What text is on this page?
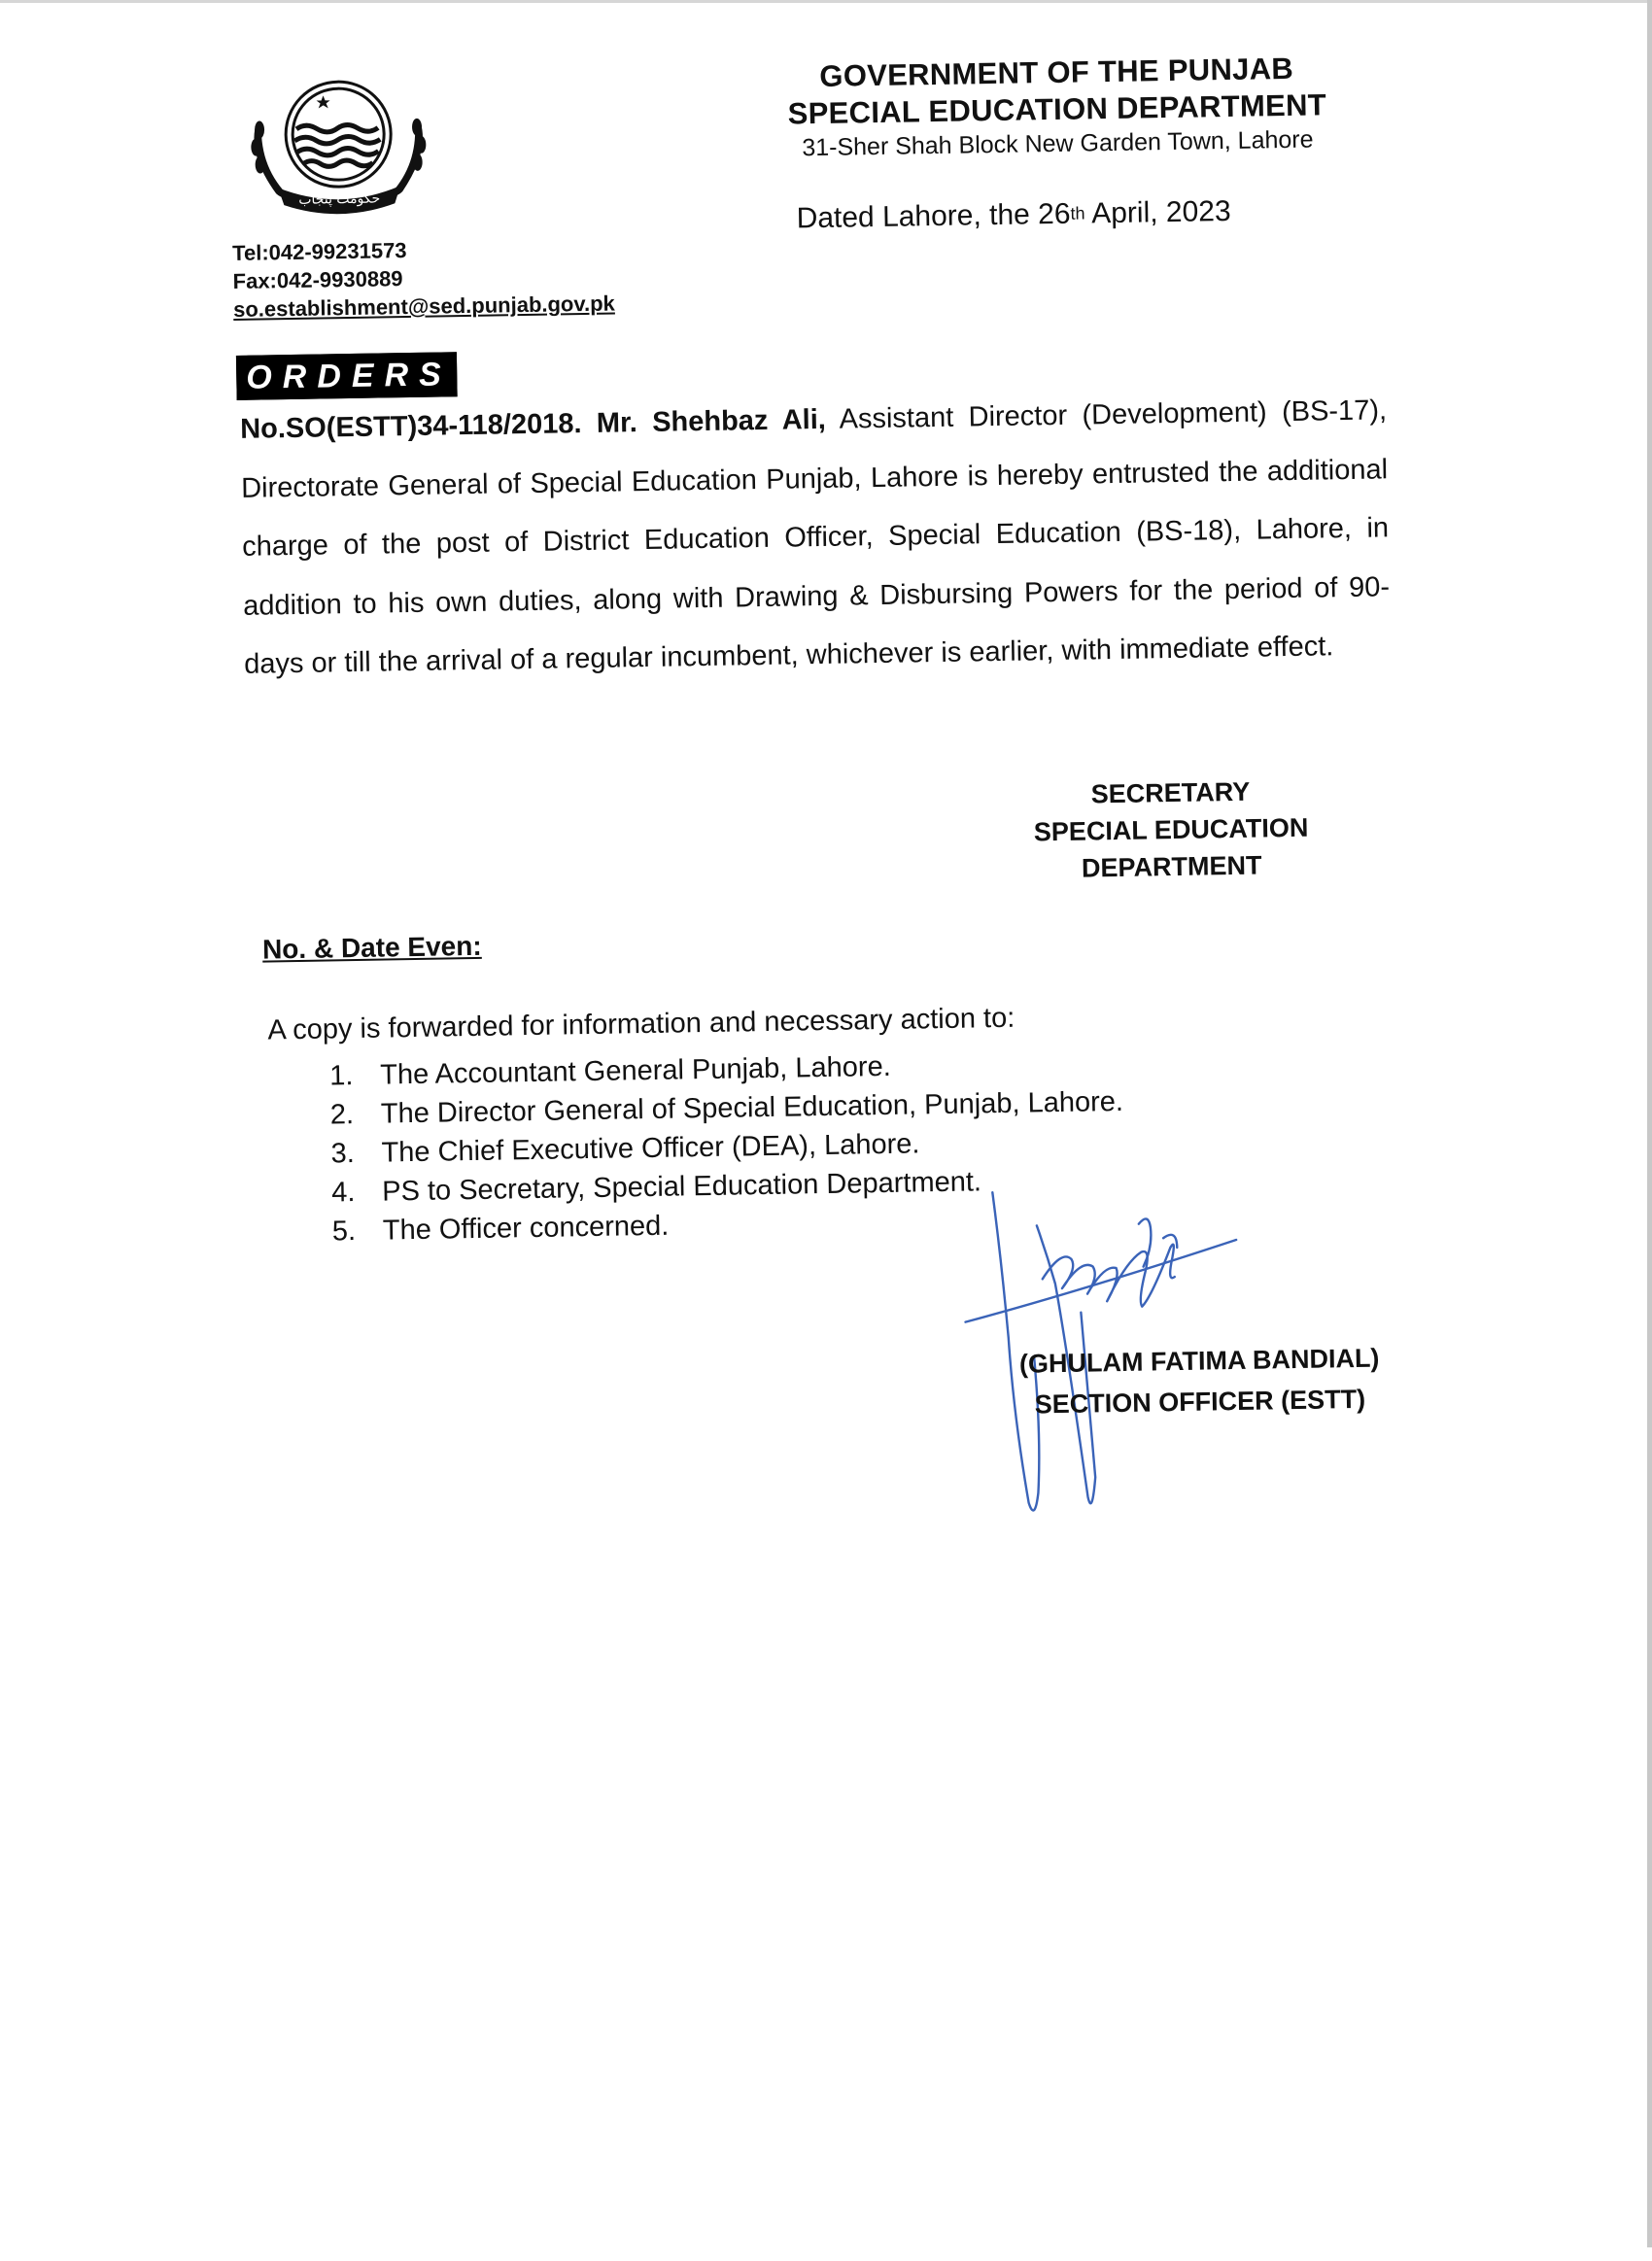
حکومت پنجاب
GOVERNMENT OF THE PUNJAB
SPECIAL EDUCATION DEPARTMENT
31-Sher Shah Block New Garden Town, Lahore
Dated Lahore, the 26th April, 2023
Tel:042-99231573
Fax:042-9930889
so.establishment@sed.punjab.gov.pk
ORDERS
No.SO(ESTT)34-118/2018. Mr. Shehbaz Ali, Assistant Director (Development) (BS-17), Directorate General of Special Education Punjab, Lahore is hereby entrusted the additional charge of the post of District Education Officer, Special Education (BS-18), Lahore, in addition to his own duties, along with Drawing & Disbursing Powers for the period of 90-days or till the arrival of a regular incumbent, whichever is earlier, with immediate effect.
SECRETARY
SPECIAL EDUCATION
DEPARTMENT
No. & Date Even:
A copy is forwarded for information and necessary action to:
1. The Accountant General Punjab, Lahore.
2. The Director General of Special Education, Punjab, Lahore.
3. The Chief Executive Officer (DEA), Lahore.
4. PS to Secretary, Special Education Department.
5. The Officer concerned.
(GHULAM FATIMA BANDIAL)
SECTION OFFICER (ESTT)
